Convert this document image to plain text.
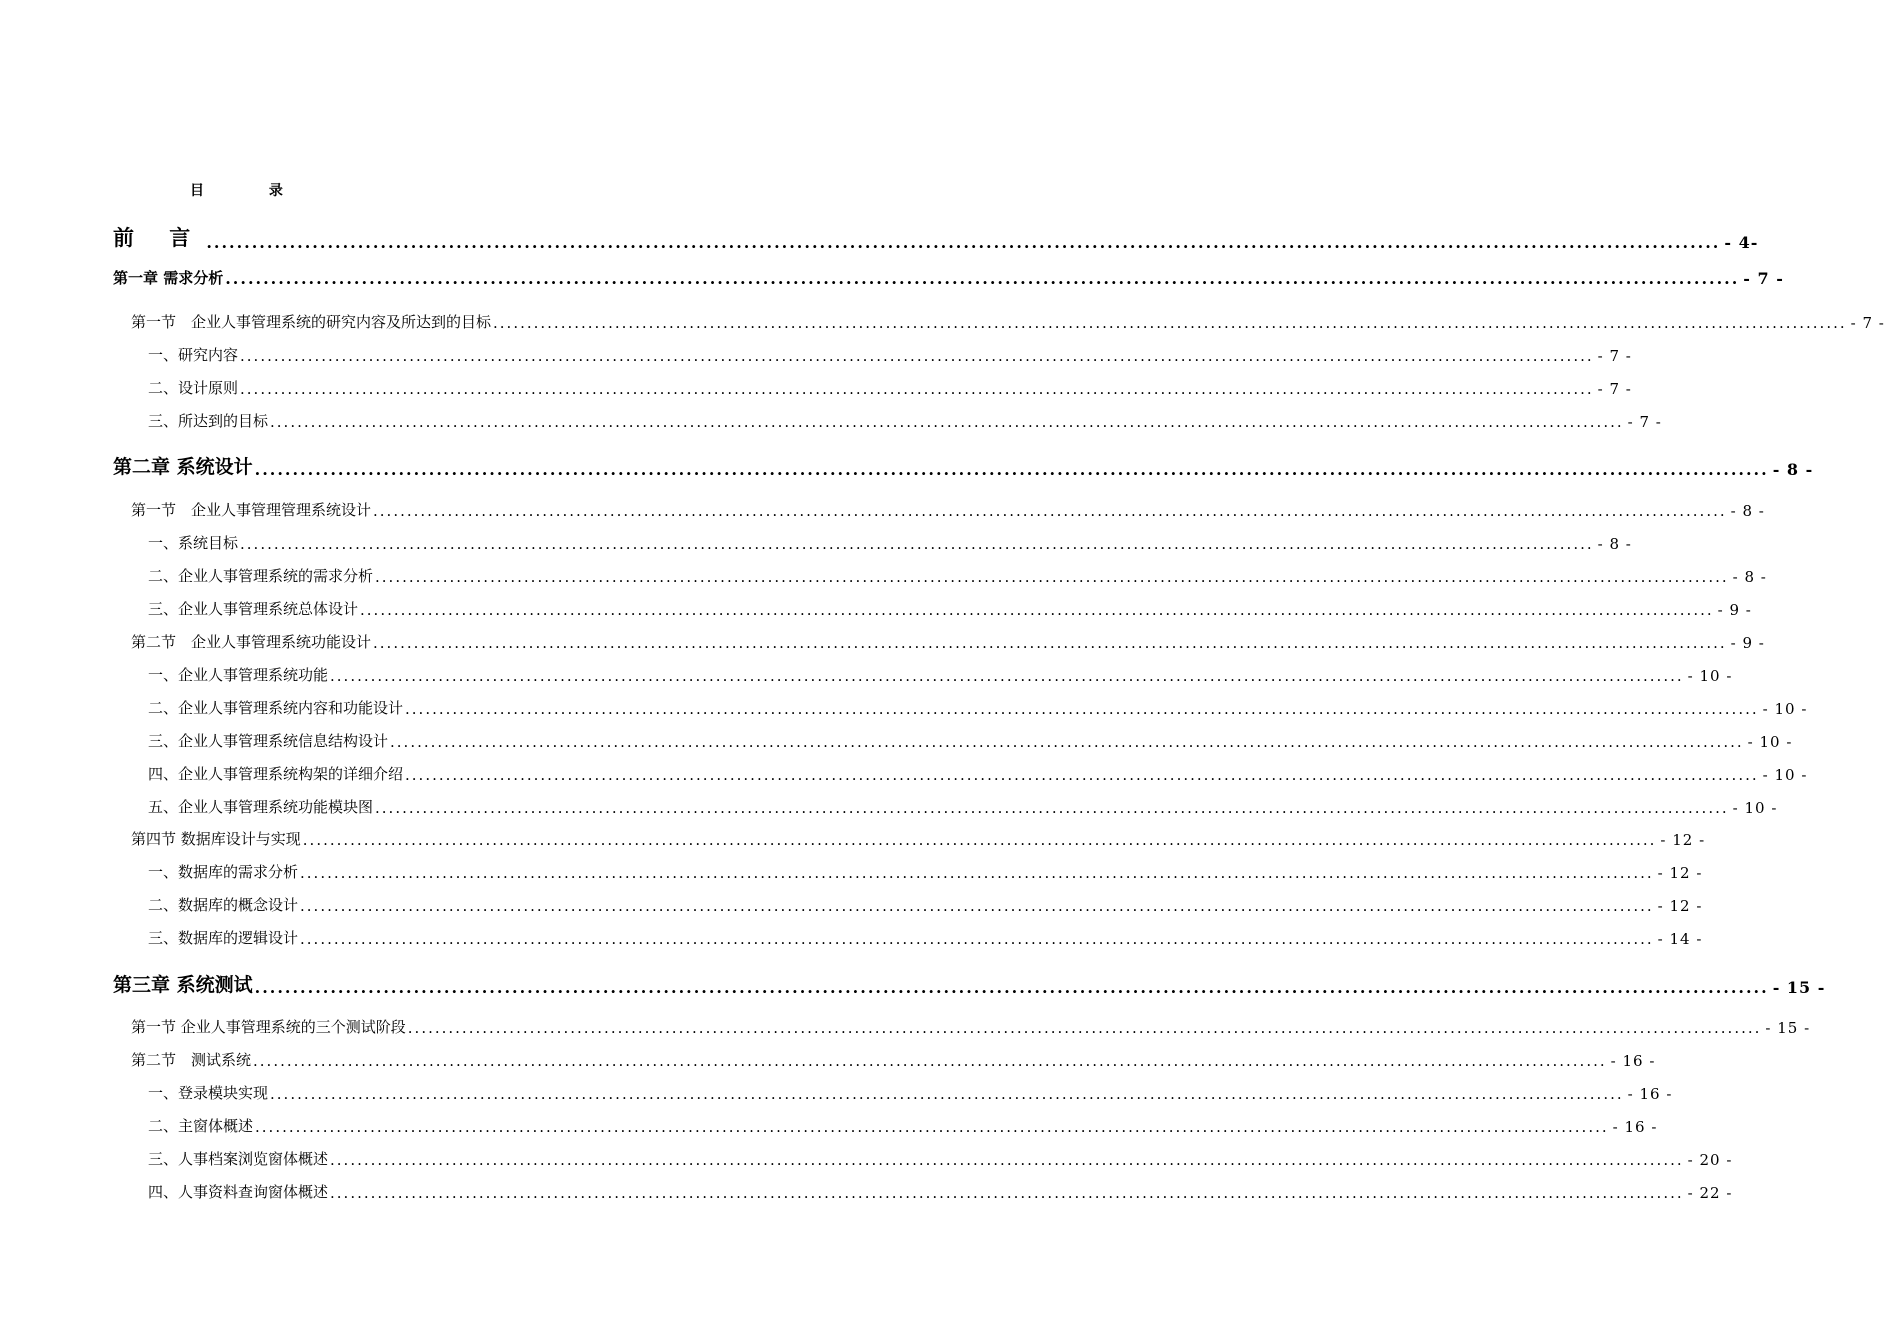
目 录
前 言 ........................................................................................................................................................................................................ - 4-
第一章 需求分析 ........................................................................................................................................................................................................ - 7 -
第一节　企业人事管理系统的研究内容及所达到的目标 ........................................................................................................................................................................................................ - 7 -
一、研究内容 ........................................................................................................................................................................................................ - 7 -
二、设计原则 ........................................................................................................................................................................................................ - 7 -
三、所达到的目标 ........................................................................................................................................................................................................ - 7 -
第二章 系统设计 ........................................................................................................................................................................................................ - 8 -
第一节　企业人事管理管理系统设计 ........................................................................................................................................................................................................ - 8 -
一、系统目标 ........................................................................................................................................................................................................ - 8 -
二、企业人事管理系统的需求分析 ........................................................................................................................................................................................................ - 8 -
三、企业人事管理系统总体设计 ........................................................................................................................................................................................................ - 9 -
第二节　企业人事管理系统功能设计 ........................................................................................................................................................................................................ - 9 -
一、企业人事管理系统功能 ........................................................................................................................................................................................................ - 10 -
二、企业人事管理系统内容和功能设计 ........................................................................................................................................................................................................ - 10 -
三、企业人事管理系统信息结构设计 ........................................................................................................................................................................................................ - 10 -
四、企业人事管理系统构架的详细介绍 ........................................................................................................................................................................................................ - 10 -
五、企业人事管理系统功能模块图 ........................................................................................................................................................................................................ - 10 -
第四节 数据库设计与实现 ........................................................................................................................................................................................................ - 12 -
一、数据库的需求分析 ........................................................................................................................................................................................................ - 12 -
二、数据库的概念设计 ........................................................................................................................................................................................................ - 12 -
三、数据库的逻辑设计 ........................................................................................................................................................................................................ - 14 -
第三章 系统测试 ........................................................................................................................................................................................................ - 15 -
第一节 企业人事管理系统的三个测试阶段 ........................................................................................................................................................................................................ - 15 -
第二节　测试系统 ........................................................................................................................................................................................................ - 16 -
一、登录模块实现 ........................................................................................................................................................................................................ - 16 -
二、主窗体概述 ........................................................................................................................................................................................................ - 16 -
三、人事档案浏览窗体概述 ........................................................................................................................................................................................................ - 20 -
四、人事资料查询窗体概述 ........................................................................................................................................................................................................ - 22 -
